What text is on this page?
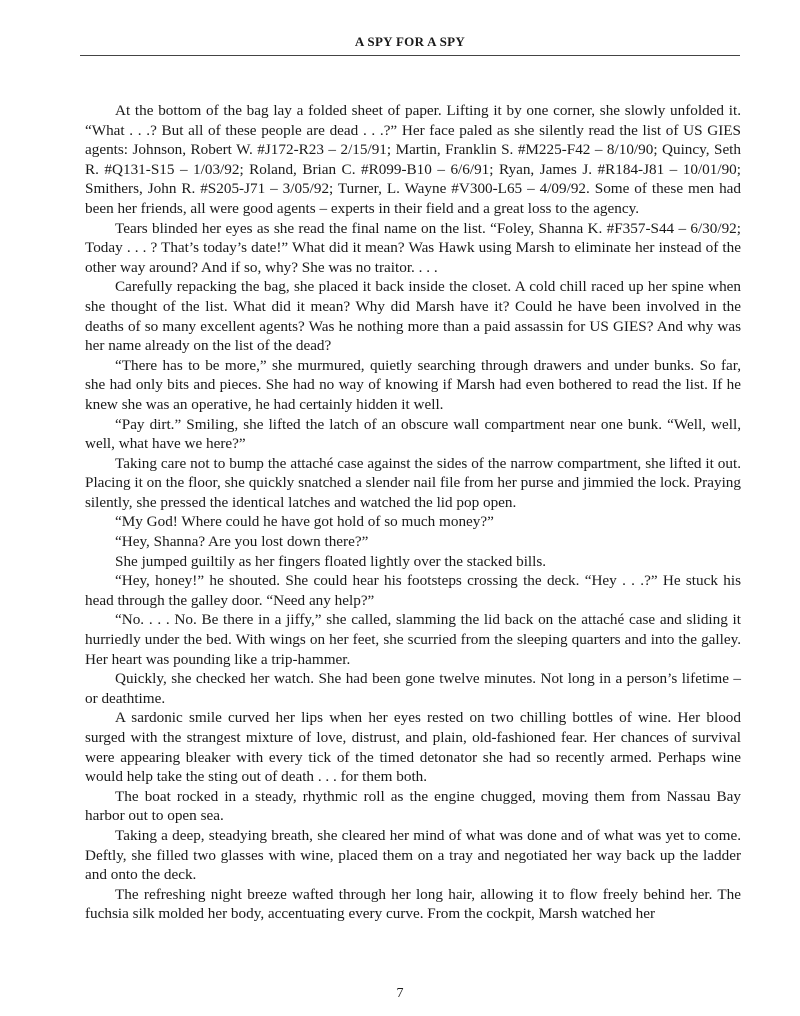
A SPY FOR A SPY

At the bottom of the bag lay a folded sheet of paper. Lifting it by one corner, she slowly unfolded it. “What . . .? But all of these people are dead . . .?” Her face paled as she silently read the list of US GIES agents: Johnson, Robert W. #J172-R23 – 2/15/91; Martin, Franklin S. #M225-F42 – 8/10/90; Quincy, Seth R. #Q131-S15 – 1/03/92; Roland, Brian C. #R099-B10 – 6/6/91; Ryan, James J. #R184-J81 – 10/01/90; Smithers, John R. #S205-J71 – 3/05/92; Turner, L. Wayne #V300-L65 – 4/09/92. Some of these men had been her friends, all were good agents – experts in their field and a great loss to the agency.

Tears blinded her eyes as she read the final name on the list. “Foley, Shanna K. #F357-S44 – 6/30/92; Today . . . ? That’s today’s date!” What did it mean? Was Hawk using Marsh to eliminate her instead of the other way around? And if so, why? She was no traitor. . . .

Carefully repacking the bag, she placed it back inside the closet. A cold chill raced up her spine when she thought of the list. What did it mean? Why did Marsh have it? Could he have been involved in the deaths of so many excellent agents? Was he nothing more than a paid assassin for US GIES? And why was her name already on the list of the dead?

“There has to be more,” she murmured, quietly searching through drawers and under bunks. So far, she had only bits and pieces. She had no way of knowing if Marsh had even bothered to read the list. If he knew she was an operative, he had certainly hidden it well.

“Pay dirt.” Smiling, she lifted the latch of an obscure wall compartment near one bunk. “Well, well, well, what have we here?”

Taking care not to bump the attaché case against the sides of the narrow compartment, she lifted it out. Placing it on the floor, she quickly snatched a slender nail file from her purse and jimmied the lock. Praying silently, she pressed the identical latches and watched the lid pop open.

“My God! Where could he have got hold of so much money?”

“Hey, Shanna? Are you lost down there?”

She jumped guiltily as her fingers floated lightly over the stacked bills.

“Hey, honey!” he shouted. She could hear his footsteps crossing the deck. “Hey . . .?” He stuck his head through the galley door. “Need any help?”

“No. . . . No. Be there in a jiffy,” she called, slamming the lid back on the attaché case and sliding it hurriedly under the bed. With wings on her feet, she scurried from the sleeping quarters and into the galley. Her heart was pounding like a trip-hammer.

Quickly, she checked her watch. She had been gone twelve minutes. Not long in a person’s lifetime – or deathtime.

A sardonic smile curved her lips when her eyes rested on two chilling bottles of wine. Her blood surged with the strangest mixture of love, distrust, and plain, old-fashioned fear. Her chances of survival were appearing bleaker with every tick of the timed detonator she had so recently armed. Perhaps wine would help take the sting out of death . . . for them both.

The boat rocked in a steady, rhythmic roll as the engine chugged, moving them from Nassau Bay harbor out to open sea.

Taking a deep, steadying breath, she cleared her mind of what was done and of what was yet to come. Deftly, she filled two glasses with wine, placed them on a tray and negotiated her way back up the ladder and onto the deck.

The refreshing night breeze wafted through her long hair, allowing it to flow freely behind her. The fuchsia silk molded her body, accentuating every curve. From the cockpit, Marsh watched her

7
